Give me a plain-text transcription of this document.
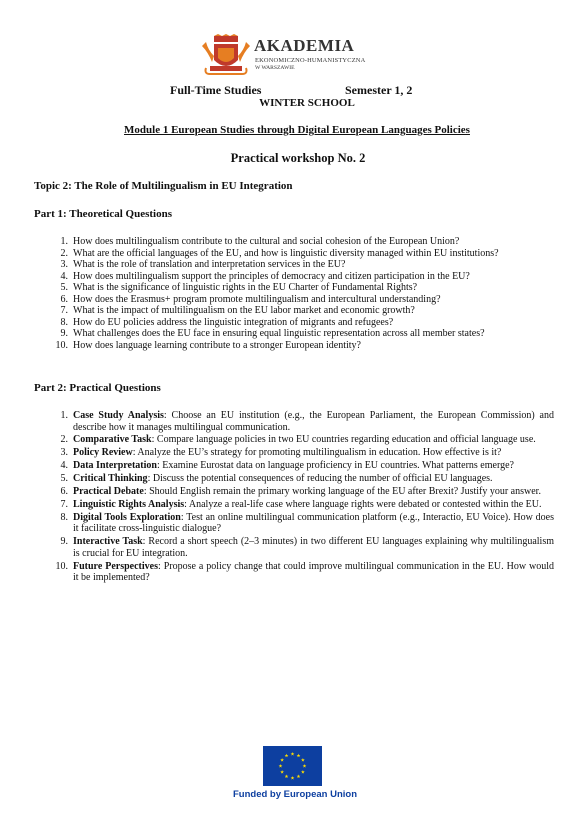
AKADEMIA
EKONOMICZNO-HUMANISTYCZNA
W WARSZAWIE
Full-Time Studies	Semester 1, 2
WINTER SCHOOL
Module 1 European Studies through Digital European Languages Policies
Practical workshop No. 2
Topic 2: The Role of Multilingualism in EU Integration
Part 1: Theoretical Questions
1.
How does multilingualism contribute to the cultural and social cohesion of the European Union?
2.
What are the official languages of the EU, and how is linguistic diversity managed within EU institutions?
3.
What is the role of translation and interpretation services in the EU?
4.
How does multilingualism support the principles of democracy and citizen participation in the EU?
5.
What is the significance of linguistic rights in the EU Charter of Fundamental Rights?
6.
How does the Erasmus+ program promote multilingualism and intercultural understanding?
7.
What is the impact of multilingualism on the EU labor market and economic growth?
8.
How do EU policies address the linguistic integration of migrants and refugees?
9.
What challenges does the EU face in ensuring equal linguistic representation across all member states?
10.
How does language learning contribute to a stronger European identity?
Part 2: Practical Questions
1.
Case Study Analysis: Choose an EU institution (e.g., the European Parliament, the European Commission) and describe how it manages multilingual communication.
2.
Comparative Task: Compare language policies in two EU countries regarding education and official language use.
3.
Policy Review: Analyze the EU’s strategy for promoting multilingualism in education. How effective is it?
4.
Data Interpretation: Examine Eurostat data on language proficiency in EU countries. What patterns emerge?
5.
Critical Thinking: Discuss the potential consequences of reducing the number of official EU languages.
6.
Practical Debate: Should English remain the primary working language of the EU after Brexit? Justify your answer.
7.
Linguistic Rights Analysis: Analyze a real-life case where language rights were debated or contested within the EU.
8.
Digital Tools Exploration: Test an online multilingual communication platform (e.g., Interactio, EU Voice). How does it facilitate cross-linguistic dialogue?
9.
Interactive Task: Record a short speech (2–3 minutes) in two different EU languages explaining why multilingualism is crucial for EU integration.
10.
Future Perspectives: Propose a policy change that could improve multilingual communication in the EU. How would it be implemented?
Funded by European Union
